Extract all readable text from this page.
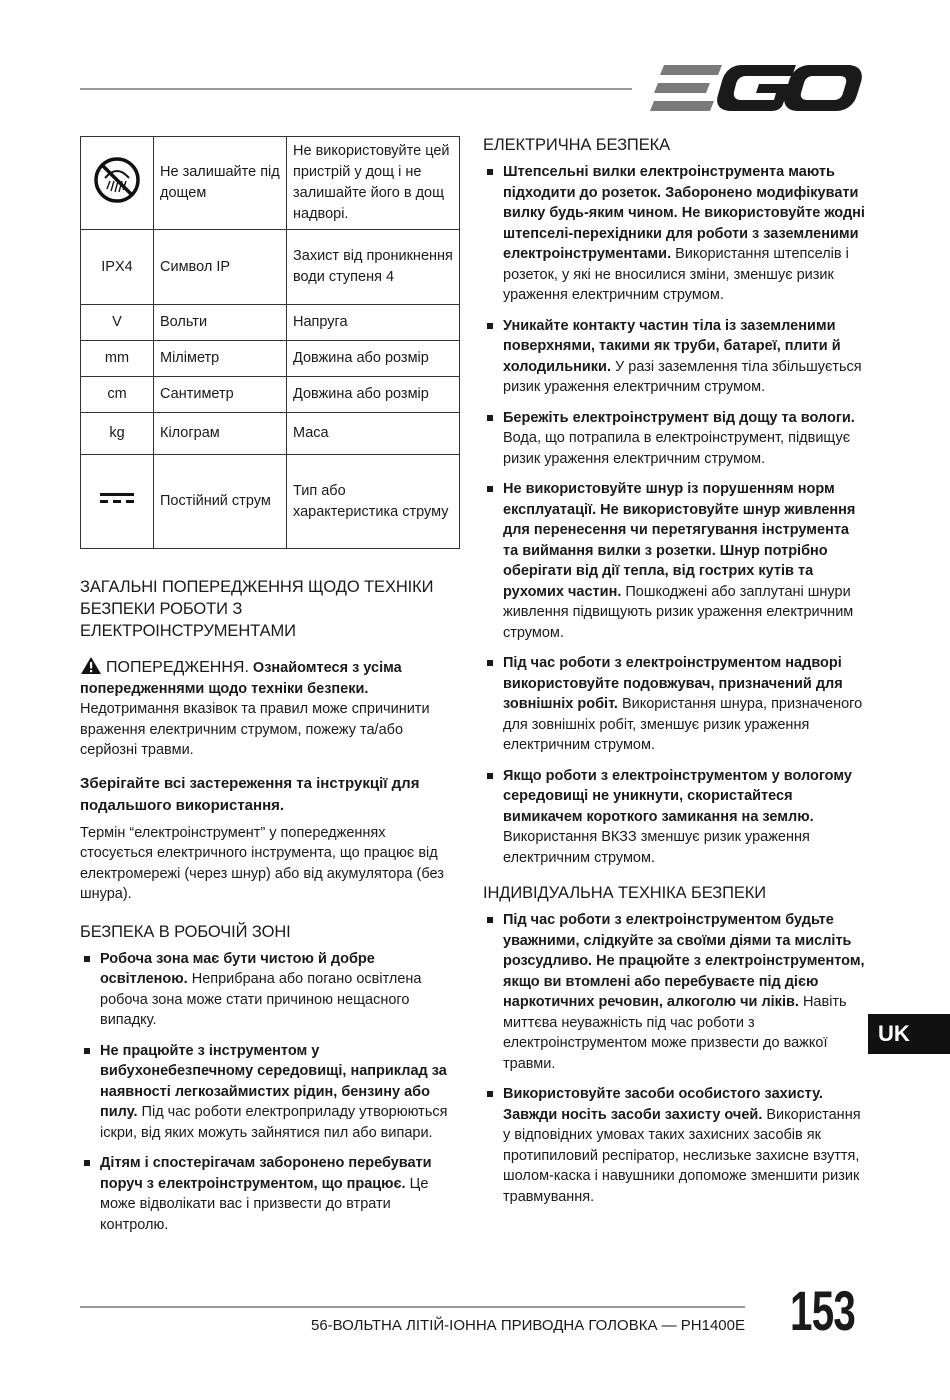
	Не залишайте під дощем	Не використовуйте цей пристрій у дощ і не залишайте його в дощ надворі.
IPX4	Символ IP	Захист від проникнення води ступеня 4
V	Вольти	Напруга
mm	Міліметр	Довжина або розмір
cm	Сантиметр	Довжина або розмір
kg	Кілограм	Маса
	Постійний струм	Тип або характеристика струму
ЗАГАЛЬНІ ПОПЕРЕДЖЕННЯ ЩОДО ТЕХНІКИ БЕЗПЕКИ РОБОТИ З ЕЛЕКТРОІНСТРУМЕНТАМИ

ПОПЕРЕДЖЕННЯ. Ознайомтеся з усіма попередженнями щодо техніки безпеки. Недотримання вказівок та правил може спричинити враження електричним струмом, пожежу та/або серйозні травми.

Зберігайте всі застереження та інструкції для подальшого використання.

Термін “електроінструмент” у попередженнях стосується електричного інструмента, що працює від електромережі (через шнур) або від акумулятора (без шнура).

БЕЗПЕКА В РОБОЧІЙ ЗОНІ
Робоча зона має бути чистою й добре освітленою. Неприбрана або погано освітлена робоча зона може стати причиною нещасного випадку.
Не працюйте з інструментом у вибухонебезпечному середовищі, наприклад за наявності легкозаймистих рідин, бензину або пилу. Під час роботи електроприладу утворюються іскри, від яких можуть зайнятися пил або випари.
Дітям і спостерігачам заборонено перебувати поруч з електроінструментом, що працює. Це може відволікати вас і призвести до втрати контролю.
ЕЛЕКТРИЧНА БЕЗПЕКА
Штепсельні вилки електроінструмента мають підходити до розеток. Заборонено модифікувати вилку будь-яким чином. Не використовуйте жодні штепселі-перехідники для роботи з заземленими електроінструментами. Використання штепселів і розеток, у які не вносилися зміни, зменшує ризик ураження електричним струмом.
Уникайте контакту частин тіла із заземленими поверхнями, такими як труби, батареї, плити й холодильники. У разі заземлення тіла збільшується ризик ураження електричним струмом.
Бережіть електроінструмент від дощу та вологи. Вода, що потрапила в електроінструмент, підвищує ризик ураження електричним струмом.
Не використовуйте шнур із порушенням норм експлуатації. Не використовуйте шнур живлення для перенесення чи перетягування інструмента та виймання вилки з розетки. Шнур потрібно оберігати від дії тепла, від гострих кутів та рухомих частин. Пошкоджені або заплутані шнури живлення підвищують ризик ураження електричним струмом.
Під час роботи з електроінструментом надворі використовуйте подовжувач, призначений для зовнішніх робіт. Використання шнура, призначеного для зовнішніх робіт, зменшує ризик ураження електричним струмом.
Якщо роботи з електроінструментом у вологому середовищі не уникнути, скористайтеся вимикачем короткого замикання на землю. Використання ВКЗЗ зменшує ризик ураження електричним струмом.
ІНДИВІДУАЛЬНА ТЕХНІКА БЕЗПЕКИ
Під час роботи з електроінструментом будьте уважними, слідкуйте за своїми діями та мисліть розсудливо. Не працюйте з електроінструментом, якщо ви втомлені або перебуваєте під дією наркотичних речовин, алкоголю чи ліків. Навіть миттєва неуважність під час роботи з електроінструментом може призвести до важкої травми.
Використовуйте засоби особистого захисту. Завжди носіть засоби захисту очей. Використання у відповідних умовах таких захисних засобів як протипиловий респіратор, неслизьке захисне взуття, шолом-каска і навушники допоможе зменшити ризик травмування.
UK
56-ВОЛЬТНА ЛІТІЙ-ІОННА ПРИВОДНА ГОЛОВКА — PH1400E 153
